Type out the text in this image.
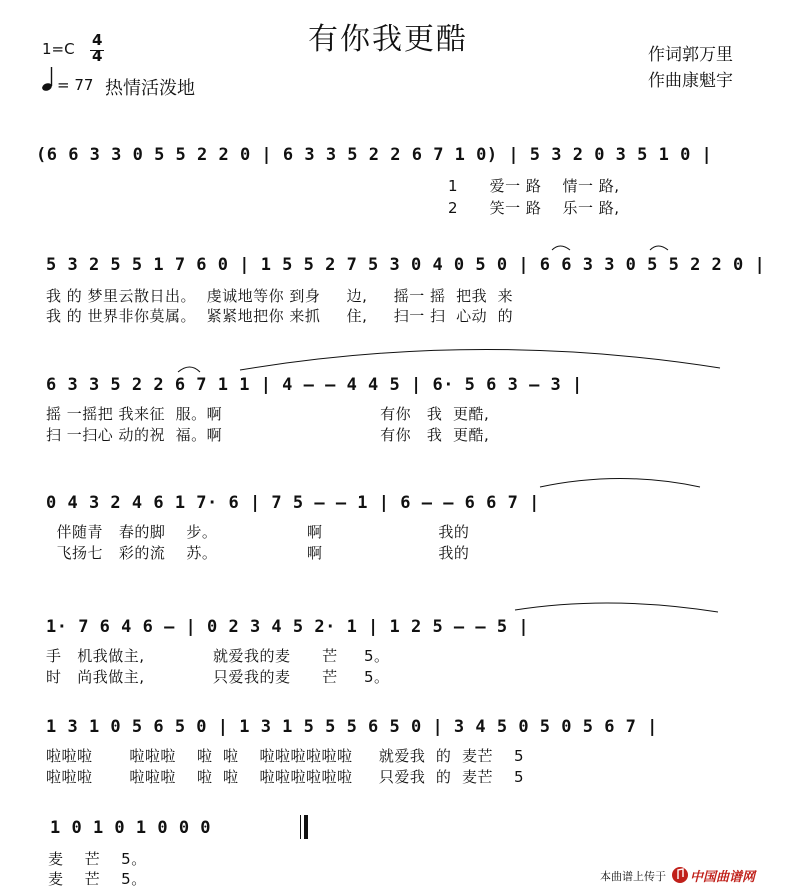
有你我更酷
1=C 4
4
= 77 热情活泼地
作词郭万里
作曲康魁宇
(6 6 3 3 0 5 5 2 2 0 | 6 3 3 5 2 2 6 7 1 0) | 5 3 2 0 3 5 1 0 |
1      爱一 路    情一 路,
2      笑一 路    乐一 路,
5 3 2 5 5 1 7 6 0 | 1 5 5 2 7 5 3 0 4 0 5 0 | 6 6 3 3 0 5 5 2 2 0 |
我 的 梦里云散日出。  虔诚地等你 到身     边,     摇一 摇  把我  来
我 的 世界非你莫属。  紧紧地把你 来抓     住,     扫一 扫  心动  的
6 3 3 5 2 2 6 7 1 1 | 4 – – 4 4 5 | 6· 5 6 3 – 3 |
摇 一摇把 我来征  服。啊                              有你   我  更酷,
扫 一扫心 动的祝  福。啊                              有你   我  更酷,
0 4 3 2 4 6 1 7· 6 | 7 5 – – 1 | 6 – – 6 6 7 |
伴随青   春的脚    步。                 啊                      我的
飞扬七   彩的流    苏。                 啊                      我的
1· 7 6 4 6 – | 0 2 3 4 5 2· 1 | 1 2 5 – – 5 |
手   机我做主,             就爱我的麦      芒     5。
时   尚我做主,             只爱我的麦      芒     5。
1 3 1 0 5 6 5 0 | 1 3 1 5 5 5 6 5 0 | 3 4 5 0 5 0 5 6 7 |
啦啦啦       啦啦啦    啦  啦    啦啦啦啦啦啦     就爱我  的  麦芒    5
啦啦啦       啦啦啦    啦  啦    啦啦啦啦啦啦     只爱我  的  麦芒    5
1 0 1 0 1 0 0 0
麦    芒    5。
麦    芒    5。	本曲谱上传于 中国曲谱网
